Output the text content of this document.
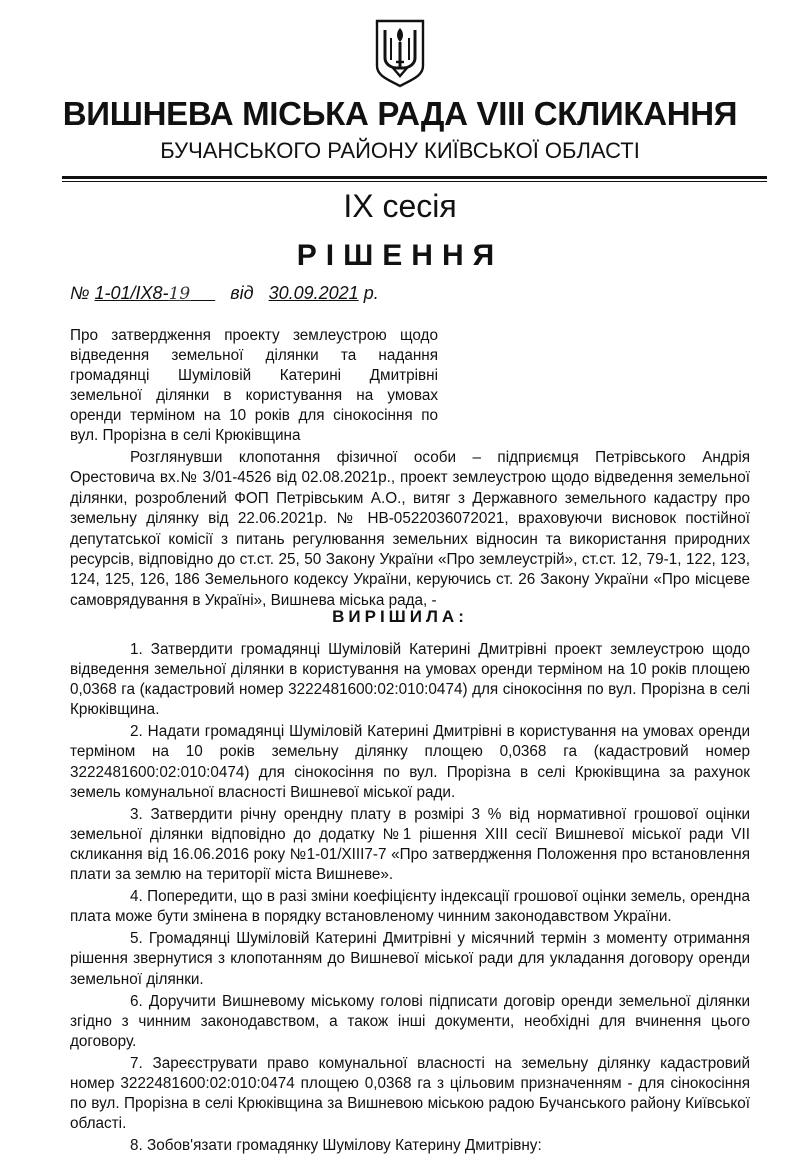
ВИШНЕВА МІСЬКА РАДА VIII СКЛИКАННЯ
БУЧАНСЬКОГО РАЙОНУ КИЇВСЬКОЇ ОБЛАСТІ
IX сесія
РІШЕННЯ
№ 1-01/IX8-19 від 30.09.2021 р.
Про затвердження проекту землеустрою щодо відведення земельної ділянки та надання громадянці Шуміловій Катерині Дмитрівні земельної ділянки в користування на умовах оренди терміном на 10 років для сінокосіння по вул. Прорізна в селі Крюківщина

Розглянувши клопотання фізичної особи – підприємця Петрівського Андрія Орестовича вх.№ 3/01-4526 від 02.08.2021р., проект землеустрою щодо відведення земельної ділянки, розроблений ФОП Петрівським А.О., витяг з Державного земельного кадастру про земельну ділянку від 22.06.2021р. № НВ-0522036072021, враховуючи висновок постійної депутатської комісії з питань регулювання земельних відносин та використання природних ресурсів, відповідно до ст.ст. 25, 50 Закону України «Про землеустрій», ст.ст. 12, 79-1, 122, 123, 124, 125, 126, 186 Земельного кодексу України, керуючись ст. 26 Закону України «Про місцеве самоврядування в Україні», Вишнева міська рада, -

ВИРІШИЛА:

1. Затвердити громадянці Шуміловій Катерині Дмитрівні проект землеустрою щодо відведення земельної ділянки в користування на умовах оренди терміном на 10 років площею 0,0368 га (кадастровий номер 3222481600:02:010:0474) для сінокосіння по вул. Прорізна в селі Крюківщина.

2. Надати громадянці Шуміловій Катерині Дмитрівні в користування на умовах оренди терміном на 10 років земельну ділянку площею 0,0368 га (кадастровий номер 3222481600:02:010:0474) для сінокосіння по вул. Прорізна в селі Крюківщина за рахунок земель комунальної власності Вишневої міської ради.

3. Затвердити річну орендну плату в розмірі 3 % від нормативної грошової оцінки земельної ділянки відповідно до додатку №1 рішення XIII сесії Вишневої міської ради VII скликання від 16.06.2016 року №1-01/XIII7-7 «Про затвердження Положення про встановлення плати за землю на території міста Вишневе».

4. Попередити, що в разі зміни коефіцієнту індексації грошової оцінки земель, орендна плата може бути змінена в порядку встановленому чинним законодавством України.

5. Громадянці Шуміловій Катерині Дмитрівні у місячний термін з моменту отримання рішення звернутися з клопотанням до Вишневої міської ради для укладання договору оренди земельної ділянки.

6. Доручити Вишневому міському голові підписати договір оренди земельної ділянки згідно з чинним законодавством, а також інші документи, необхідні для вчинення цього договору.

7. Зареєструвати право комунальної власності на земельну ділянку кадастровий номер 3222481600:02:010:0474 площею 0,0368 га з цільовим призначенням - для сінокосіння по вул. Прорізна в селі Крюківщина за Вишневою міською радою Бучанського району Київської області.

8. Зобов'язати громадянку Шумілову Катерину Дмитрівну:
